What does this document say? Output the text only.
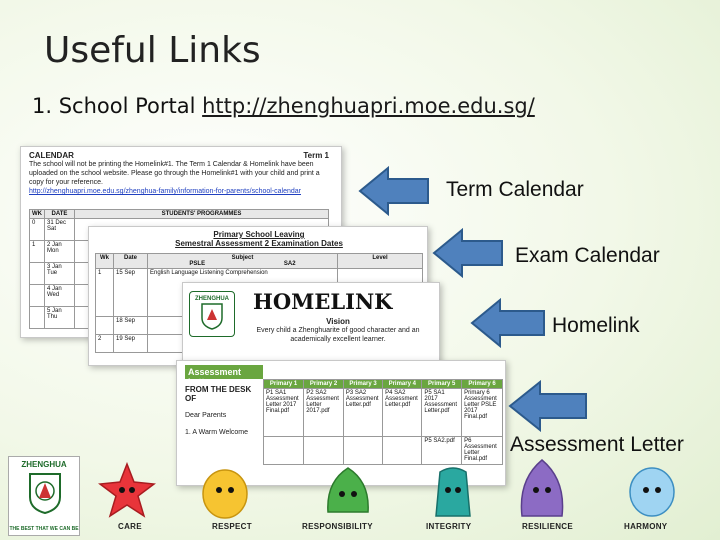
Useful Links
1. School Portal http://zhenghuapri.moe.edu.sg/
CALENDAR	Term 1
The school will not be printing the Homelink#1. The Term 1 Calendar & Homelink have been uploaded on the school website. Please go through the Homelink#1 with your child and print a copy for your reference.
http://zhenghuapri.moe.edu.sg/zhenghua-family/information-for-parents/school-calendar
WK	DATE	STUDENTS' PROGRAMMES
0	31 Dec Sat	
1	2 Jan Mon	
	3 Jan Tue	
	4 Jan Wed	
	5 Jan Thu	
Primary School Leaving
Semestral Assessment 2 Examination Dates
Wk	Date	Subject
PSLE SA2	Level
1	15 Sep	English Language Listening Comprehension	
	18 Sep		
2	19 Sep		
ZHENGHUA HOMELINK
Vision
Every child a Zhenghuarite of good character and an academically excellent learner.
Assessment Letter
FROM THE DESK OF
Dear Parents
1. A Warm Welcome
Primary 1	Primary 2	Primary 3	Primary 4	Primary 5	Primary 6
P1 SA1 Assessment Letter 2017 Final.pdf	P2 SA2 Assessment Letter 2017.pdf	P3 SA2 Assessment Letter.pdf	P4 SA2 Assessment Letter.pdf	P5 SA1 2017 Assessment Letter.pdf	Primary 6 Assessment Letter PSLE 2017 Final.pdf
				P5 SA2.pdf	P6 Assessment Letter Final.pdf
Term Calendar
Exam Calendar
Homelink
Assessment Letter
ZHENGHUA
THE BEST THAT WE CAN BE	CARE	RESPECT	RESPONSIBILITY	INTEGRITY	RESILIENCE	HARMONY
